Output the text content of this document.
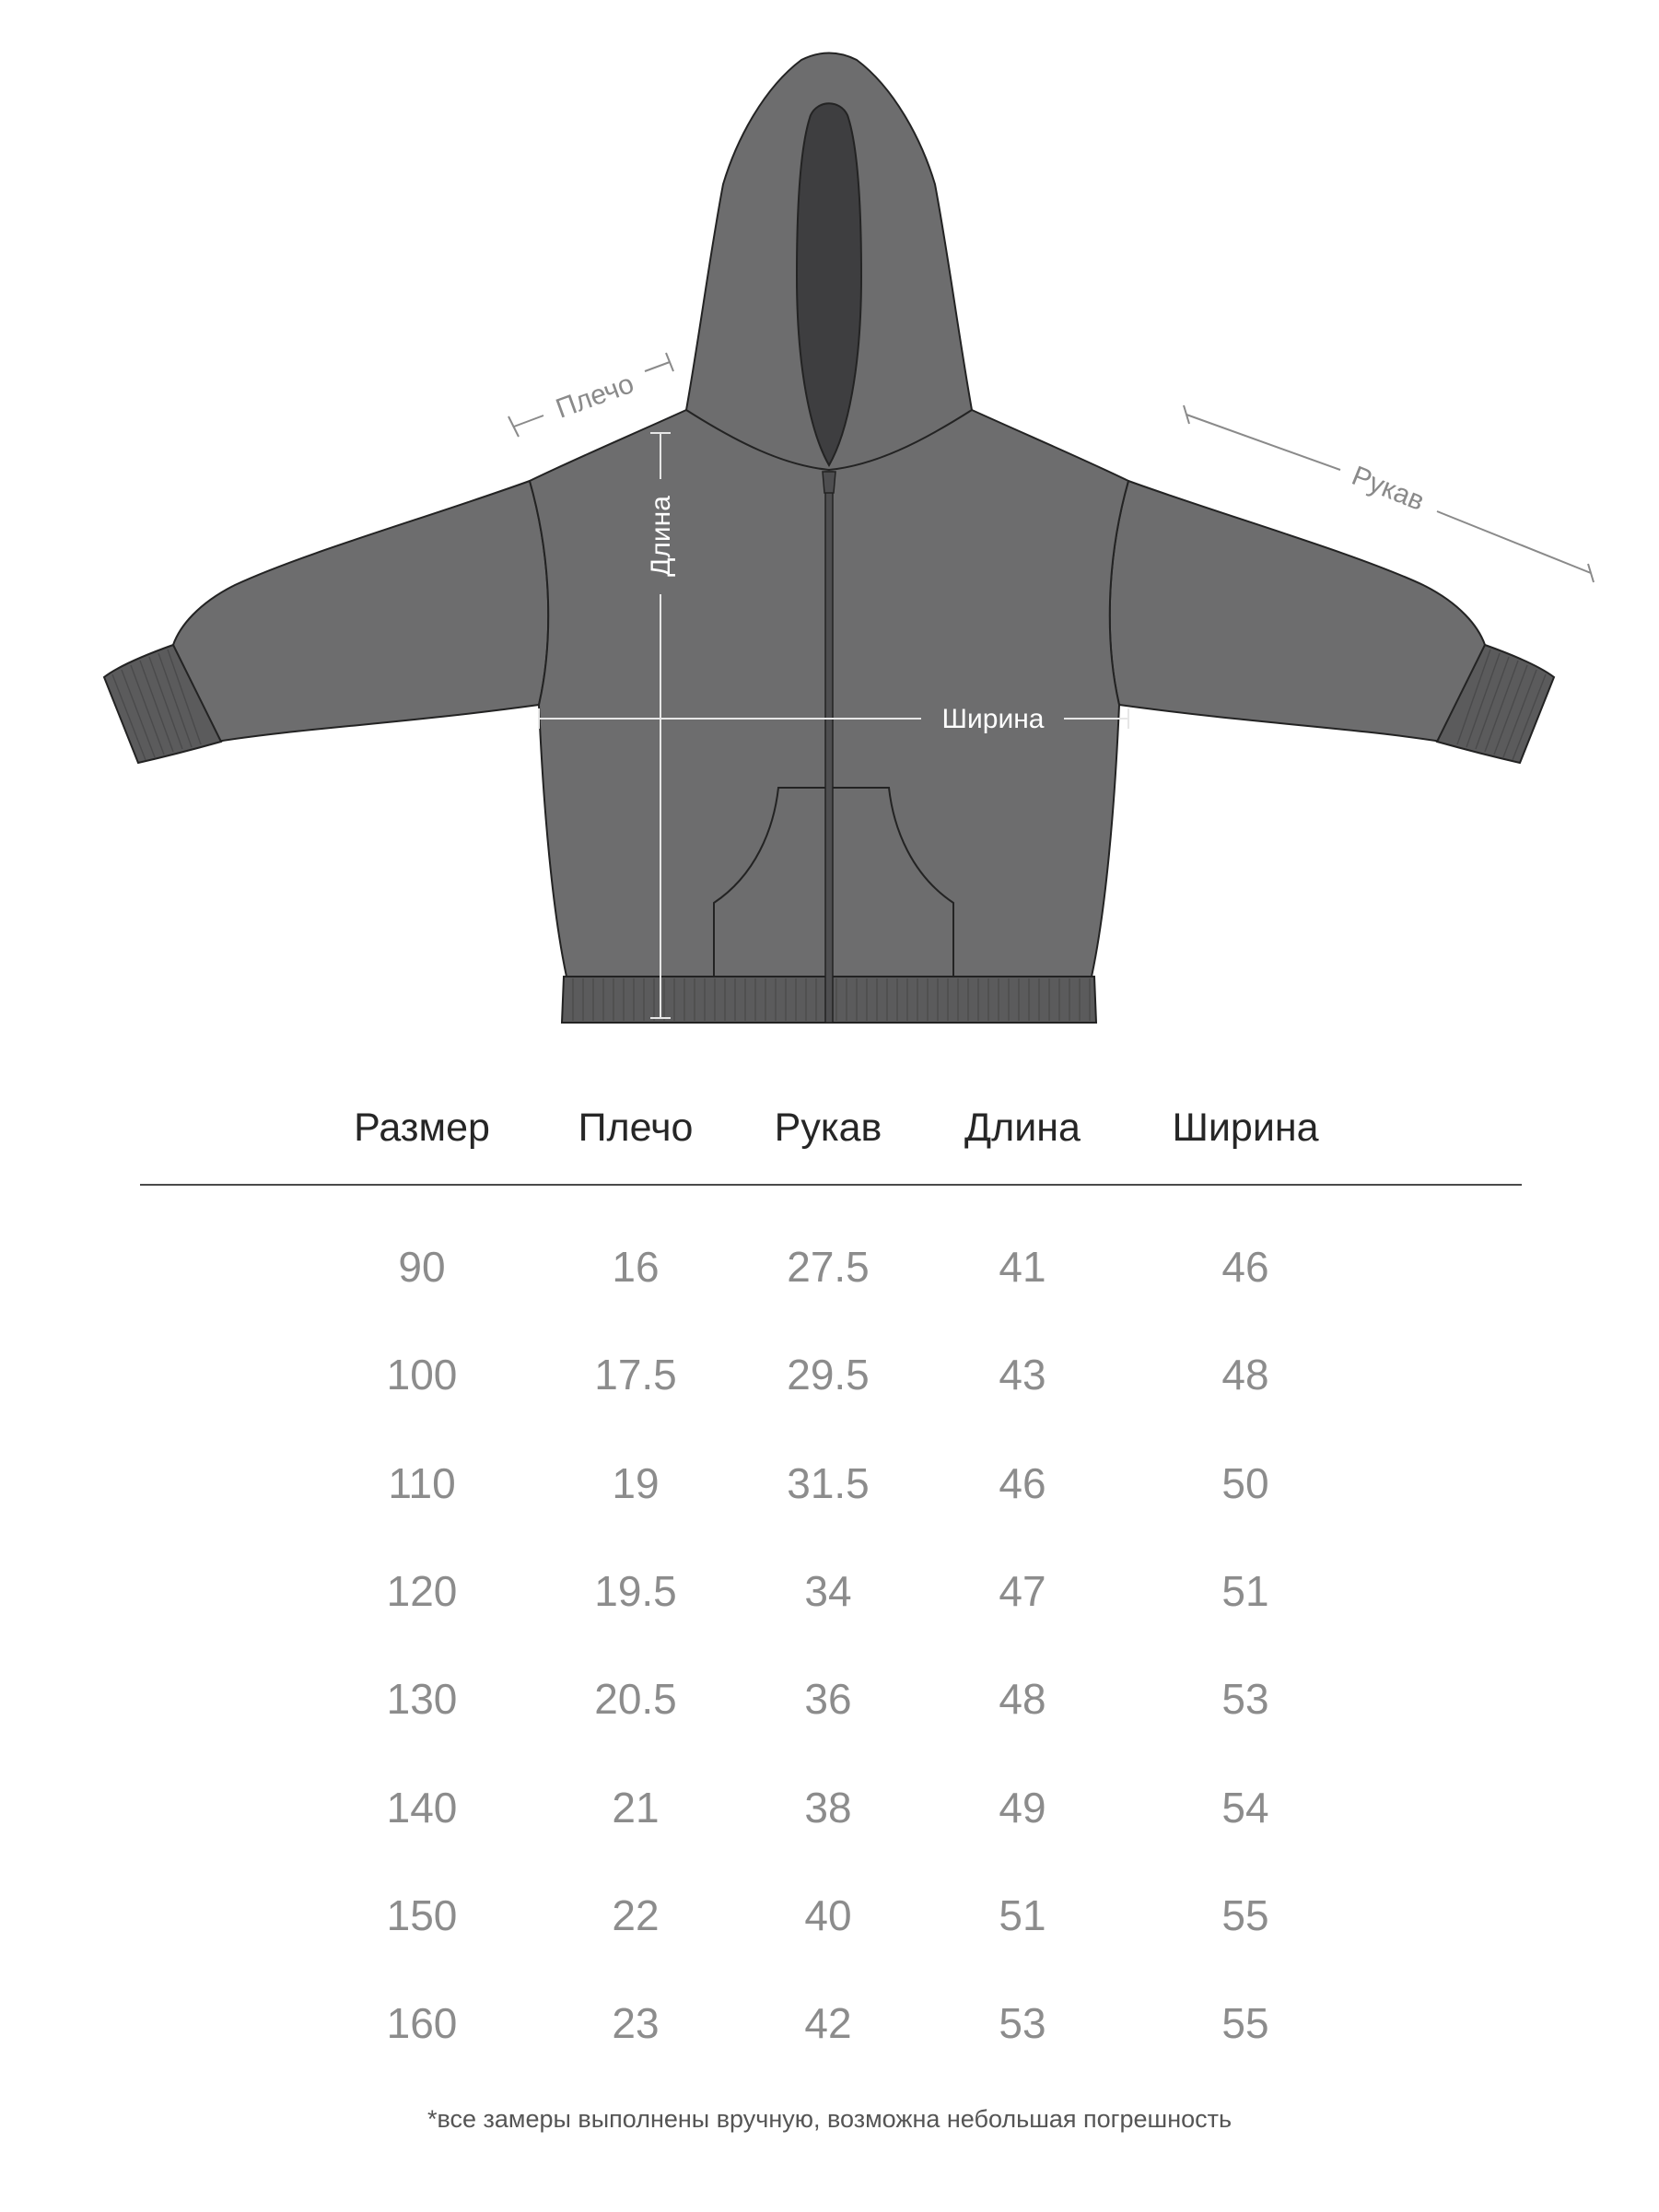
Плечо
Рукав
Длина
Ширина
Размер Плечо Рукав Длина Ширина
90	16	27.5	41	46
100	17.5	29.5	43	48
110	19	31.5	46	50
120	19.5	34	47	51
130	20.5	36	48	53
140	21	38	49	54
150	22	40	51	55
160	23	42	53	55
*все замеры выполнены вручную, возможна небольшая погрешность
